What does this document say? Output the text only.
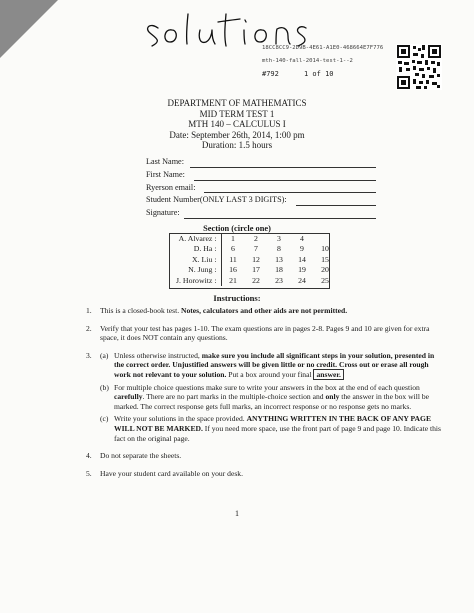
18CC8CC9-2D9B-4E61-A1E0-468664E7F776
mth-140-fall-2014-test-1--2
#792	1 of 10
DEPARTMENT OF MATHEMATICS
MID TERM TEST 1
MTH 140 – CALCULUS I
Date: September 26th, 2014, 1:00 pm
Duration: 1.5 hours
Last Name:
First Name:
Ryerson email:
Student Number(ONLY LAST 3 DIGITS):
Signature:
Section (circle one)
A. Alvarez :	1	2	3	4	
D. Ha :	6	7	8	9	10
X. Liu :	11	12	13	14	15
N. Jung :	16	17	18	19	20
J. Horowitz :	21	22	23	24	25
Instructions:
1. This is a closed-book test. Notes, calculators and other aids are not permitted.
2. Verify that your test has pages 1-10. The exam questions are in pages 2-8. Pages 9 and 10 are given for extra space, it does NOT contain any questions.
3. (a) Unless otherwise instructed, make sure you include all significant steps in your solution, presented in the correct order. Unjustified answers will be given little or no credit. Cross out or erase all rough work not relevant to your solution. Put a box around your final answer.
(b) For multiple choice questions make sure to write your answers in the box at the end of each question carefully. There are no part marks in the multiple-choice section and only the answer in the box will be marked. The correct response gets full marks, an incorrect response or no response gets no marks.
(c) Write your solutions in the space provided. ANYTHING WRITTEN IN THE BACK OF ANY PAGE WILL NOT BE MARKED. If you need more space, use the front part of page 9 and page 10. Indicate this fact on the original page.
4. Do not separate the sheets.
5. Have your student card available on your desk.
1
